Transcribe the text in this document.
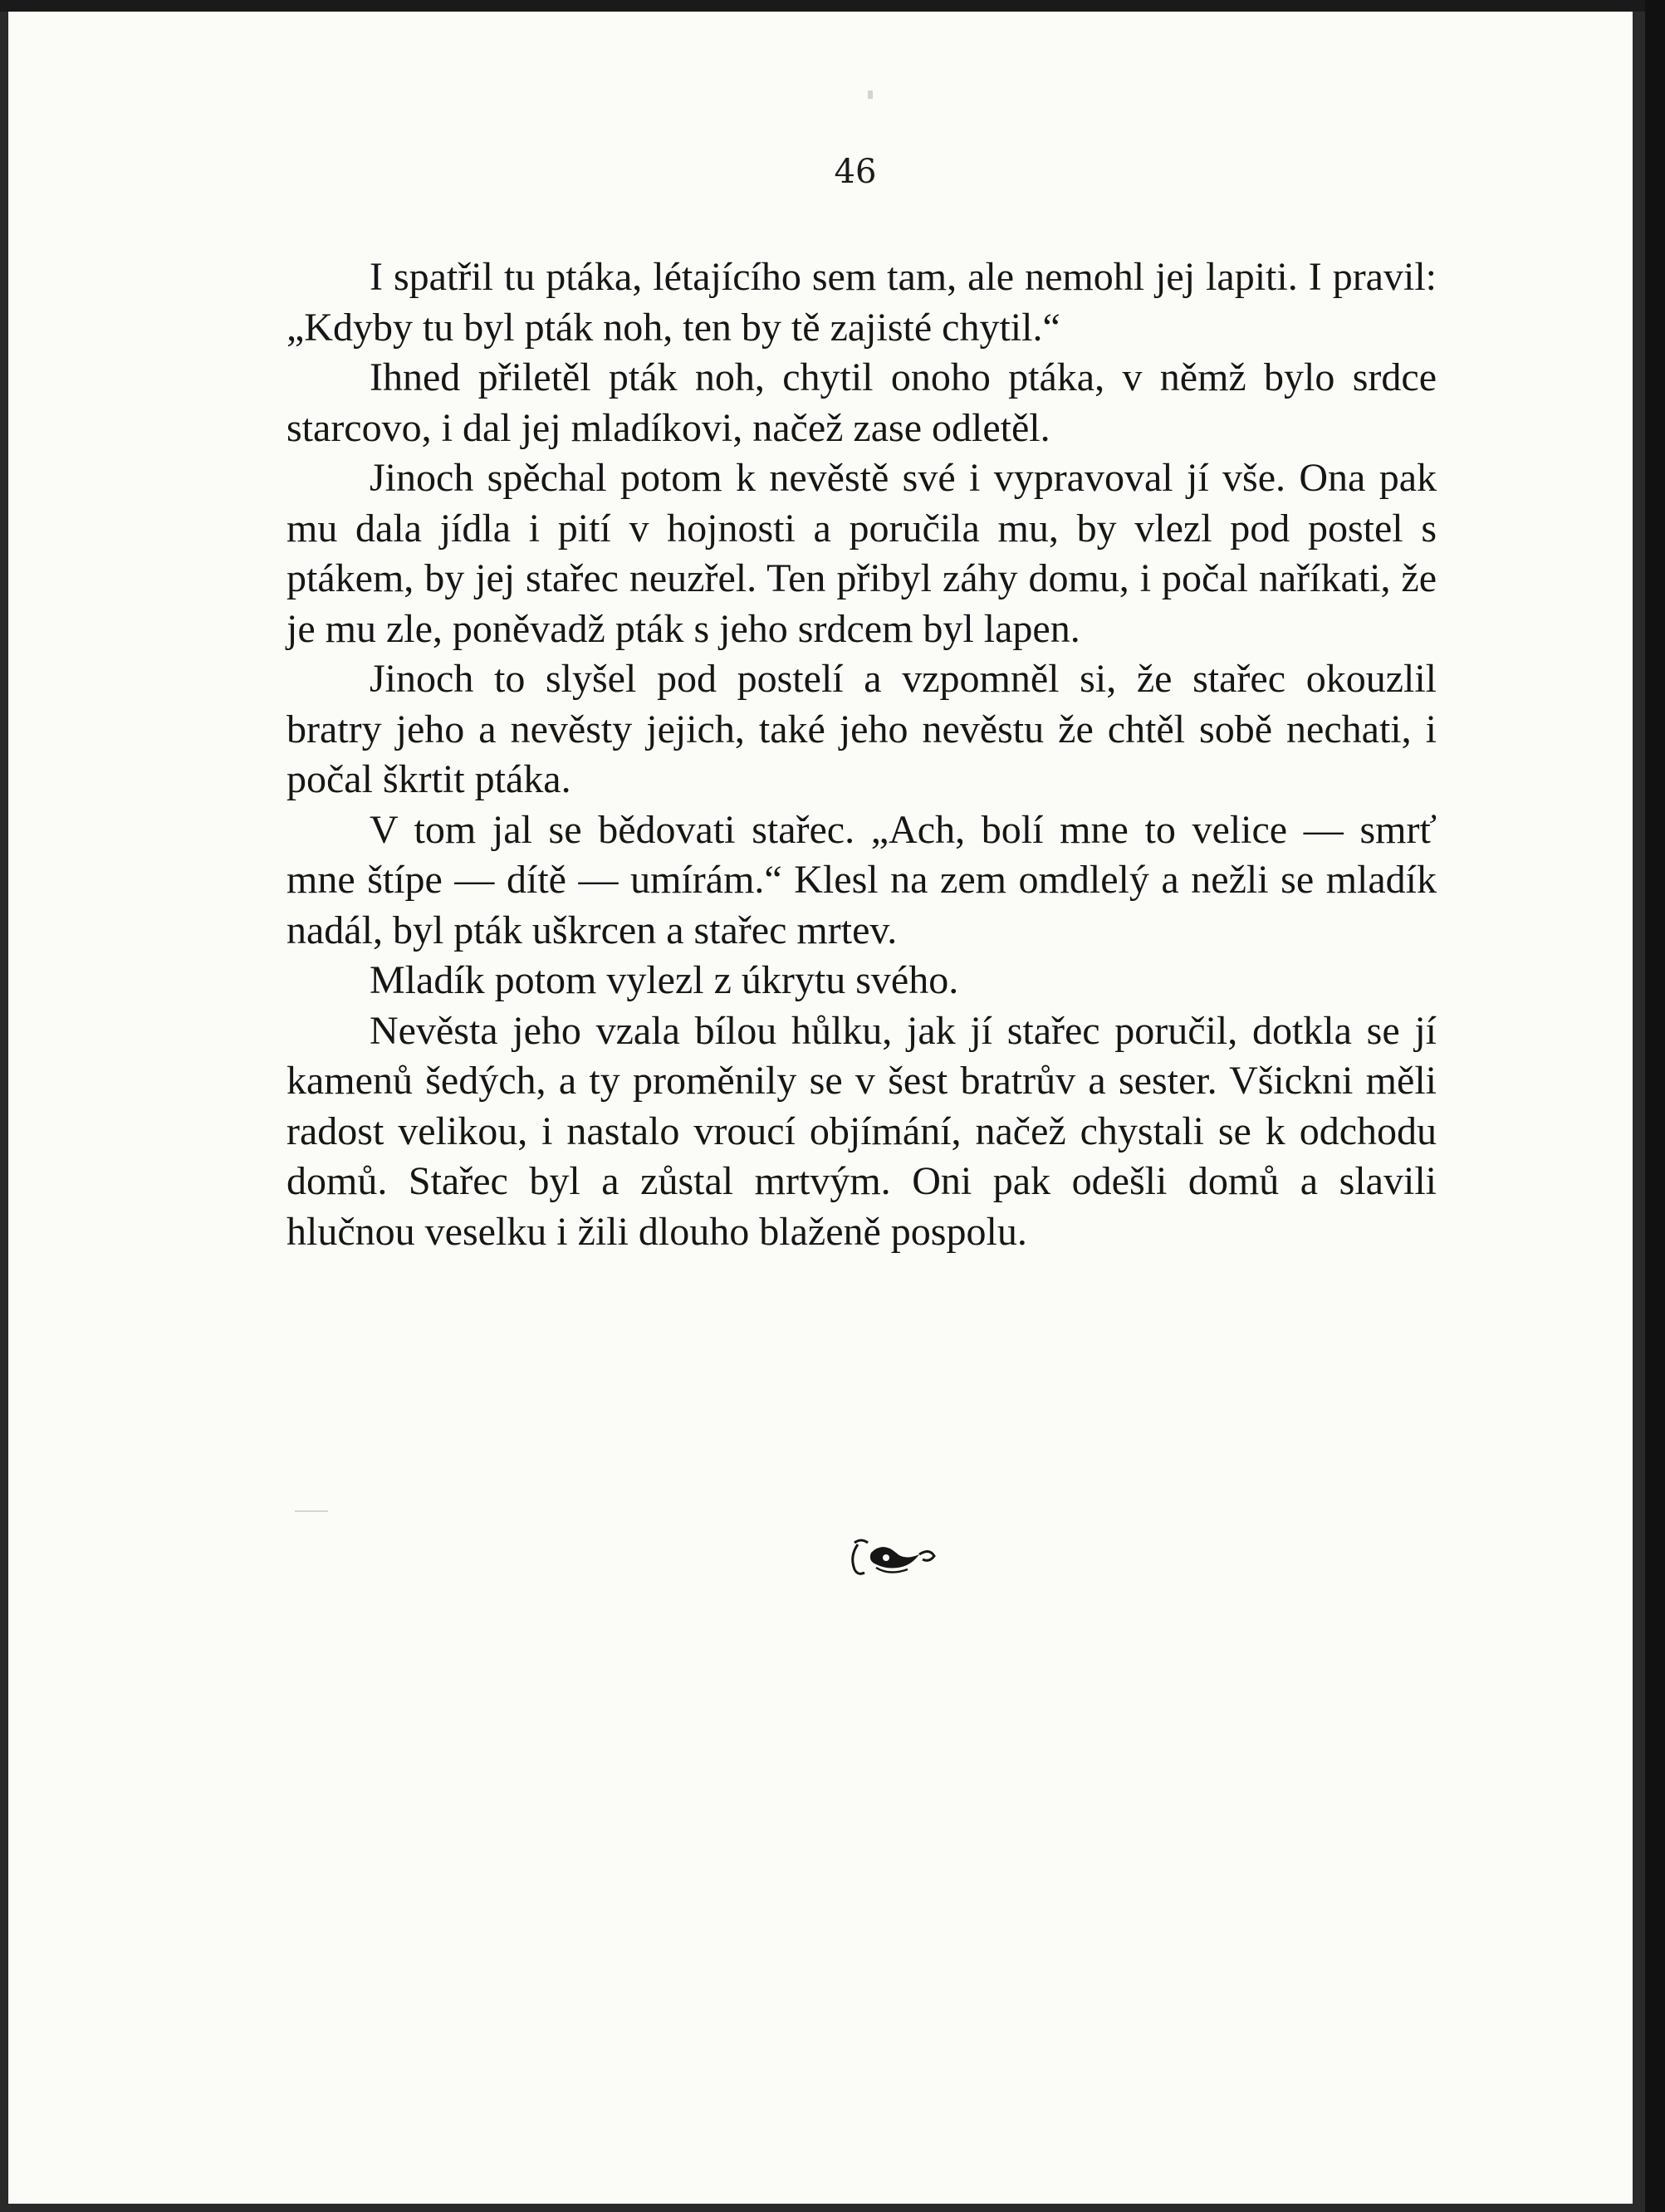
46

I spatřil tu ptáka, létajícího sem tam, ale nemohl jej lapiti. I pravil: „Kdyby tu byl pták noh, ten by tě zajisté chytil.“

Ihned přiletěl pták noh, chytil onoho ptáka, v němž bylo srdce starcovo, i dal jej mladíkovi, načež zase odletěl.

Jinoch spěchal potom k nevěstě své i vypravoval jí vše. Ona pak mu dala jídla i pití v hojnosti a poručila mu, by vlezl pod postel s ptákem, by jej stařec neuzřel. Ten přibyl záhy domu, i počal naříkati, že je mu zle, poněvadž pták s jeho srdcem byl lapen.

Jinoch to slyšel pod postelí a vzpomněl si, že stařec okouzlil bratry jeho a nevěsty jejich, také jeho nevěstu že chtěl sobě nechati, i počal škrtit ptáka.

V tom jal se bědovati stařec. „Ach, bolí mne to velice — smrť mne štípe — dítě — umírám.“ Klesl na zem omdlelý a nežli se mladík nadál, byl pták uškrcen a stařec mrtev.

Mladík potom vylezl z úkrytu svého.

Nevěsta jeho vzala bílou hůlku, jak jí stařec poručil, dotkla se jí kamenů šedých, a ty proměnily se v šest bratrův a sester. Všickni měli radost velikou, i nastalo vroucí objímání, načež chystali se k odchodu domů. Stařec byl a zůstal mrtvým. Oni pak odešli domů a slavili hlučnou veselku i žili dlouho blaženě pospolu.
